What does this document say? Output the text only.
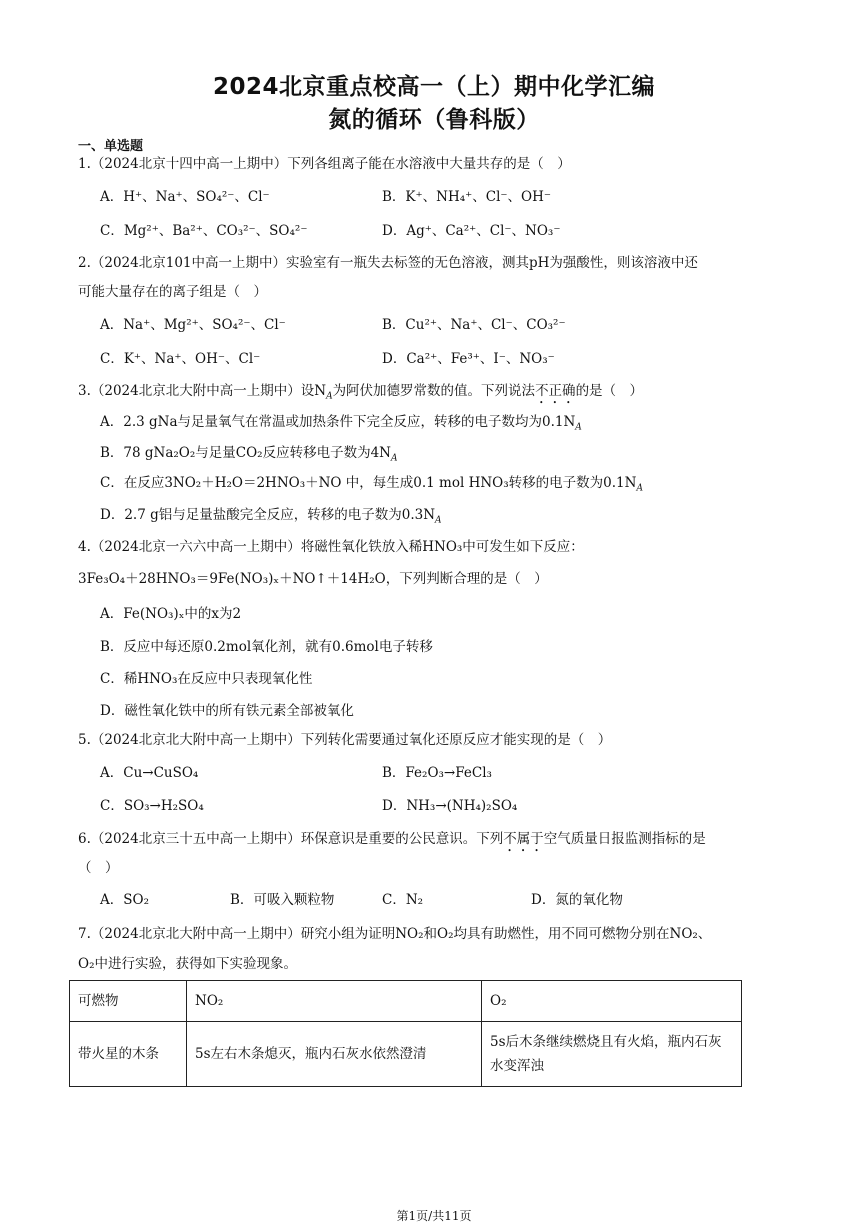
2024北京重点校高一（上）期中化学汇编
氮的循环（鲁科版）
一、单选题
1.（2024北京十四中高一上期中）下列各组离子能在水溶液中大量共存的是（　）
A．H⁺、Na⁺、SO₄²⁻、Cl⁻	B．K⁺、NH₄⁺、Cl⁻、OH⁻
C．Mg²⁺、Ba²⁺、CO₃²⁻、SO₄²⁻	D．Ag⁺、Ca²⁺、Cl⁻、NO₃⁻
2.（2024北京101中高一上期中）实验室有一瓶失去标签的无色溶液，测其pH为强酸性，则该溶液中还
可能大量存在的离子组是（　）
A．Na⁺、Mg²⁺、SO₄²⁻、Cl⁻	B．Cu²⁺、Na⁺、Cl⁻、CO₃²⁻
C．K⁺、Na⁺、OH⁻、Cl⁻	D．Ca²⁺、Fe³⁺、I⁻、NO₃⁻
3.（2024北京北大附中高一上期中）设$N_A$为阿伏加德罗常数的值。下列说法不正确的是（　）
A．2.3 gNa与足量氧气在常温或加热条件下完全反应，转移的电子数均为$0.1N_A$
B．78 gNa₂O₂与足量CO₂反应转移电子数为$4N_A$
C．在反应3NO₂＋H₂O＝2HNO₃＋NO 中，每生成0.1 mol HNO₃转移的电子数为$0.1N_A$
D．2.7 g铝与足量盐酸完全反应，转移的电子数为$0.3N_A$
4.（2024北京一六六中高一上期中）将磁性氧化铁放入稀HNO₃中可发生如下反应：
3Fe₃O₄＋28HNO₃＝9Fe(NO₃)ₓ＋NO↑＋14H₂O，下列判断合理的是（　）
A．Fe(NO₃)ₓ中的x为2
B．反应中每还原0.2mol氧化剂，就有0.6mol电子转移
C．稀HNO₃在反应中只表现氧化性
D．磁性氧化铁中的所有铁元素全部被氧化
5.（2024北京北大附中高一上期中）下列转化需要通过氧化还原反应才能实现的是（　）
A．Cu→CuSO₄	B．Fe₂O₃→FeCl₃
C．SO₃→H₂SO₄	D．NH₃→(NH₄)₂SO₄
6.（2024北京三十五中高一上期中）环保意识是重要的公民意识。下列不属于空气质量日报监测指标的是
（　）
A．SO₂	B．可吸入颗粒物	C．N₂	D．氮的氧化物
7.（2024北京北大附中高一上期中）研究小组为证明NO₂和O₂均具有助燃性，用不同可燃物分别在NO₂、
O₂中进行实验，获得如下实验现象。
可燃物	NO₂	O₂
带火星的木条	5s左右木条熄灭，瓶内石灰水依然澄清	5s后木条继续燃烧且有火焰，瓶内石灰水变浑浊
第1页/共11页
